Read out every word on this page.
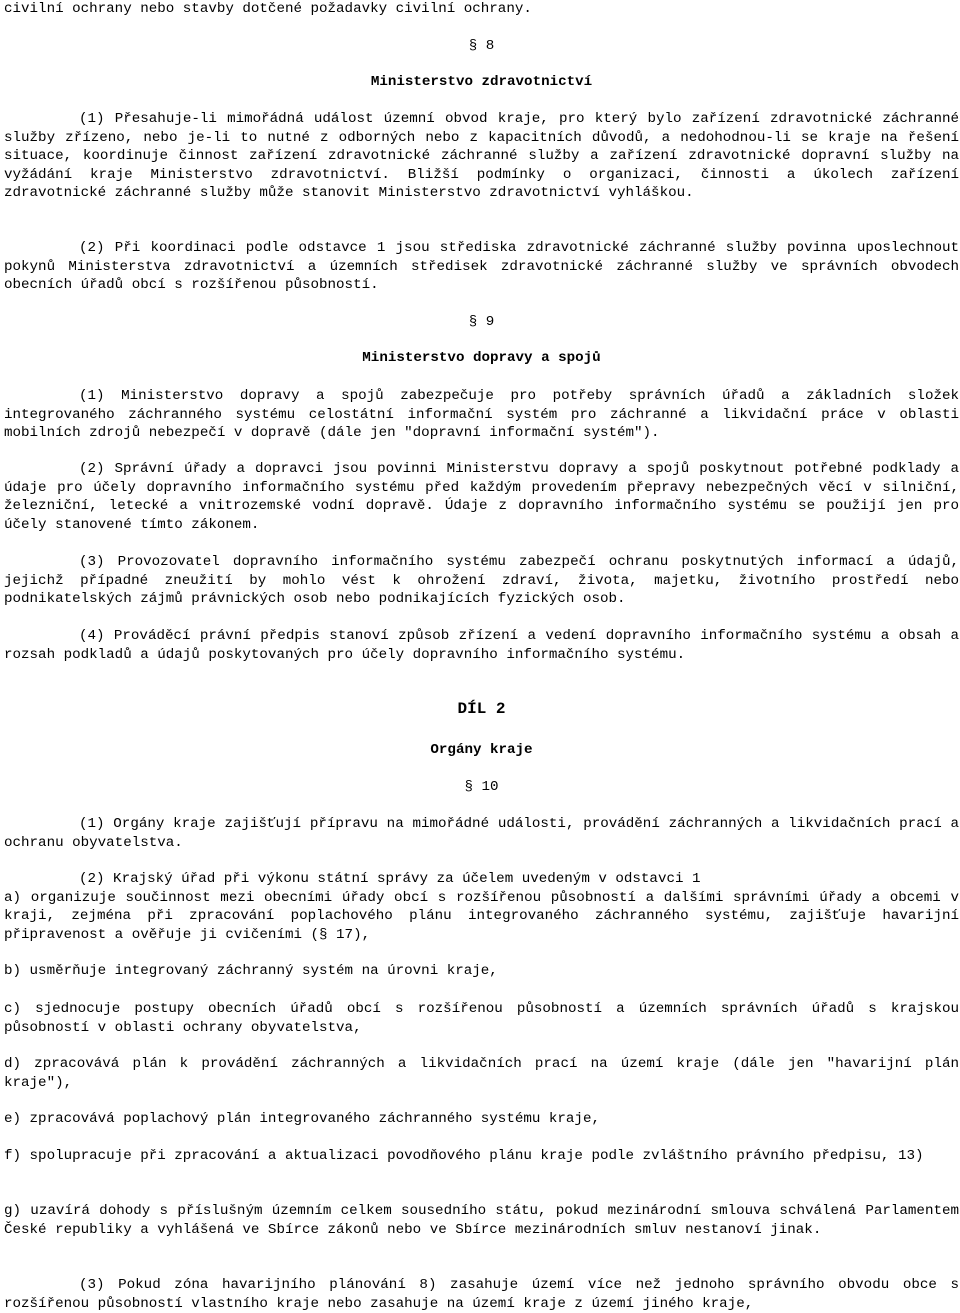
civilní ochrany nebo stavby dotčené požadavky civilní ochrany.

§ 8
Ministerstvo zdravotnictví

(1) Přesahuje-li mimořádná událost územní obvod kraje, pro který bylo zařízení zdravotnické záchranné služby zřízeno, nebo je-li to nutné z odborných nebo z kapacitních důvodů, a nedohodnou-li se kraje na řešení situace, koordinuje činnost zařízení zdravotnické záchranné služby a zařízení zdravotnické dopravní služby na vyžádání kraje Ministerstvo zdravotnictví. Bližší podmínky o organizaci, činnosti a úkolech zařízení zdravotnické záchranné služby může stanovit Ministerstvo zdravotnictví vyhláškou.

(2) Při koordinaci podle odstavce 1 jsou střediska zdravotnické záchranné služby povinna uposlechnout pokynů Ministerstva zdravotnictví a územních středisek zdravotnické záchranné služby ve správních obvodech obecních úřadů obcí s rozšířenou působností.

§ 9
Ministerstvo dopravy a spojů

(1) Ministerstvo dopravy a spojů zabezpečuje pro potřeby správních úřadů a základních složek integrovaného záchranného systému celostátní informační systém pro záchranné a likvidační práce v oblasti mobilních zdrojů nebezpečí v dopravě (dále jen "dopravní informační systém").

(2) Správní úřady a dopravci jsou povinni Ministerstvu dopravy a spojů poskytnout potřebné podklady a údaje pro účely dopravního informačního systému před každým provedením přepravy nebezpečných věcí v silniční, železniční, letecké a vnitrozemské vodní dopravě. Údaje z dopravního informačního systému se použijí jen pro účely stanovené tímto zákonem.

(3) Provozovatel dopravního informačního systému zabezpečí ochranu poskytnutých informací a údajů, jejichž případné zneužití by mohlo vést k ohrožení zdraví, života, majetku, životního prostředí nebo podnikatelských zájmů právnických osob nebo podnikajících fyzických osob.

(4) Prováděcí právní předpis stanoví způsob zřízení a vedení dopravního informačního systému a obsah a rozsah podkladů a údajů poskytovaných pro účely dopravního informačního systému.

DÍL 2
Orgány kraje
§ 10

(1) Orgány kraje zajišťují přípravu na mimořádné události, provádění záchranných a likvidačních prací a ochranu obyvatelstva.

(2) Krajský úřad při výkonu státní správy za účelem uvedeným v odstavci 1

a) organizuje součinnost mezi obecními úřady obcí s rozšířenou působností a dalšími správními úřady a obcemi v kraji, zejména při zpracování poplachového plánu integrovaného záchranného systému, zajišťuje havarijní připravenost a ověřuje ji cvičeními (§ 17),

b) usměrňuje integrovaný záchranný systém na úrovni kraje,

c) sjednocuje postupy obecních úřadů obcí s rozšířenou působností a územních správních úřadů s krajskou působností v oblasti ochrany obyvatelstva,

d) zpracovává plán k provádění záchranných a likvidačních prací na území kraje (dále jen "havarijní plán kraje"),

e) zpracovává poplachový plán integrovaného záchranného systému kraje,

f) spolupracuje při zpracování a aktualizaci povodňového plánu kraje podle zvláštního právního předpisu, 13)

g) uzavírá dohody s příslušným územním celkem sousedního státu, pokud mezinárodní smlouva schválená Parlamentem České republiky a vyhlášená ve Sbírce zákonů nebo ve Sbírce mezinárodních smluv nestanoví jinak.

(3) Pokud zóna havarijního plánování 8) zasahuje území více než jednoho správního obvodu obce s rozšířenou působností vlastního kraje nebo zasahuje na území kraje z území jiného kraje,
